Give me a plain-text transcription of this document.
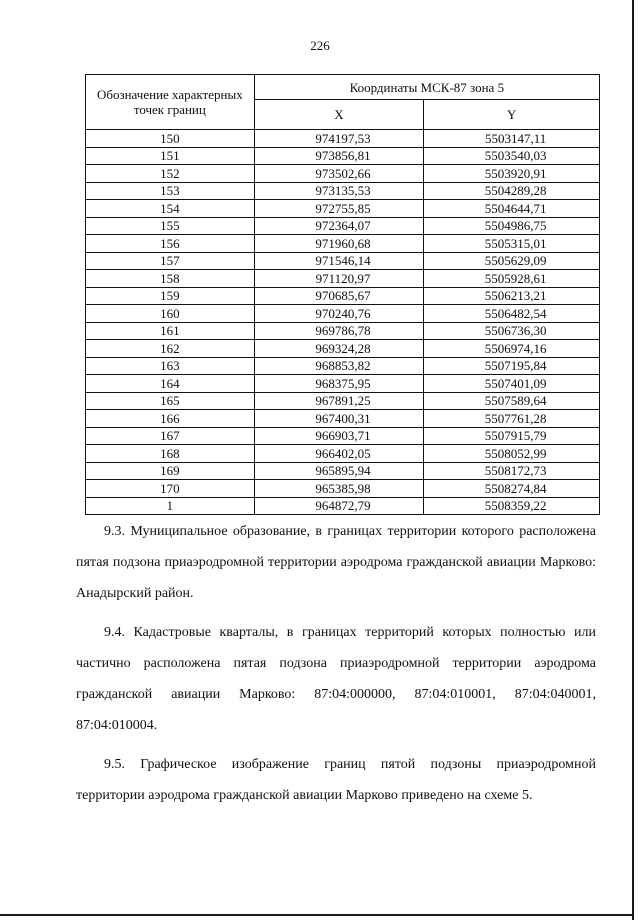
226
Обозначение характерных точек границ	Координаты МСК-87 зона 5	
	X	Y
150	974197,53	5503147,11
151	973856,81	5503540,03
152	973502,66	5503920,91
153	973135,53	5504289,28
154	972755,85	5504644,71
155	972364,07	5504986,75
156	971960,68	5505315,01
157	971546,14	5505629,09
158	971120,97	5505928,61
159	970685,67	5506213,21
160	970240,76	5506482,54
161	969786,78	5506736,30
162	969324,28	5506974,16
163	968853,82	5507195,84
164	968375,95	5507401,09
165	967891,25	5507589,64
166	967400,31	5507761,28
167	966903,71	5507915,79
168	966402,05	5508052,99
169	965895,94	5508172,73
170	965385,98	5508274,84
1	964872,79	5508359,22

9.3. Муниципальное образование, в границах территории которого расположена пятая подзона приаэродромной территории аэродрома гражданской авиации Марково: Анадырский район.

9.4. Кадастровые кварталы, в границах территорий которых полностью или частично расположена пятая подзона приаэродромной территории аэродрома гражданской авиации Марково: 87:04:000000, 87:04:010001, 87:04:040001, 87:04:010004.

9.5. Графическое изображение границ пятой подзоны приаэродромной территории аэродрома гражданской авиации Марково приведено на схеме 5.
